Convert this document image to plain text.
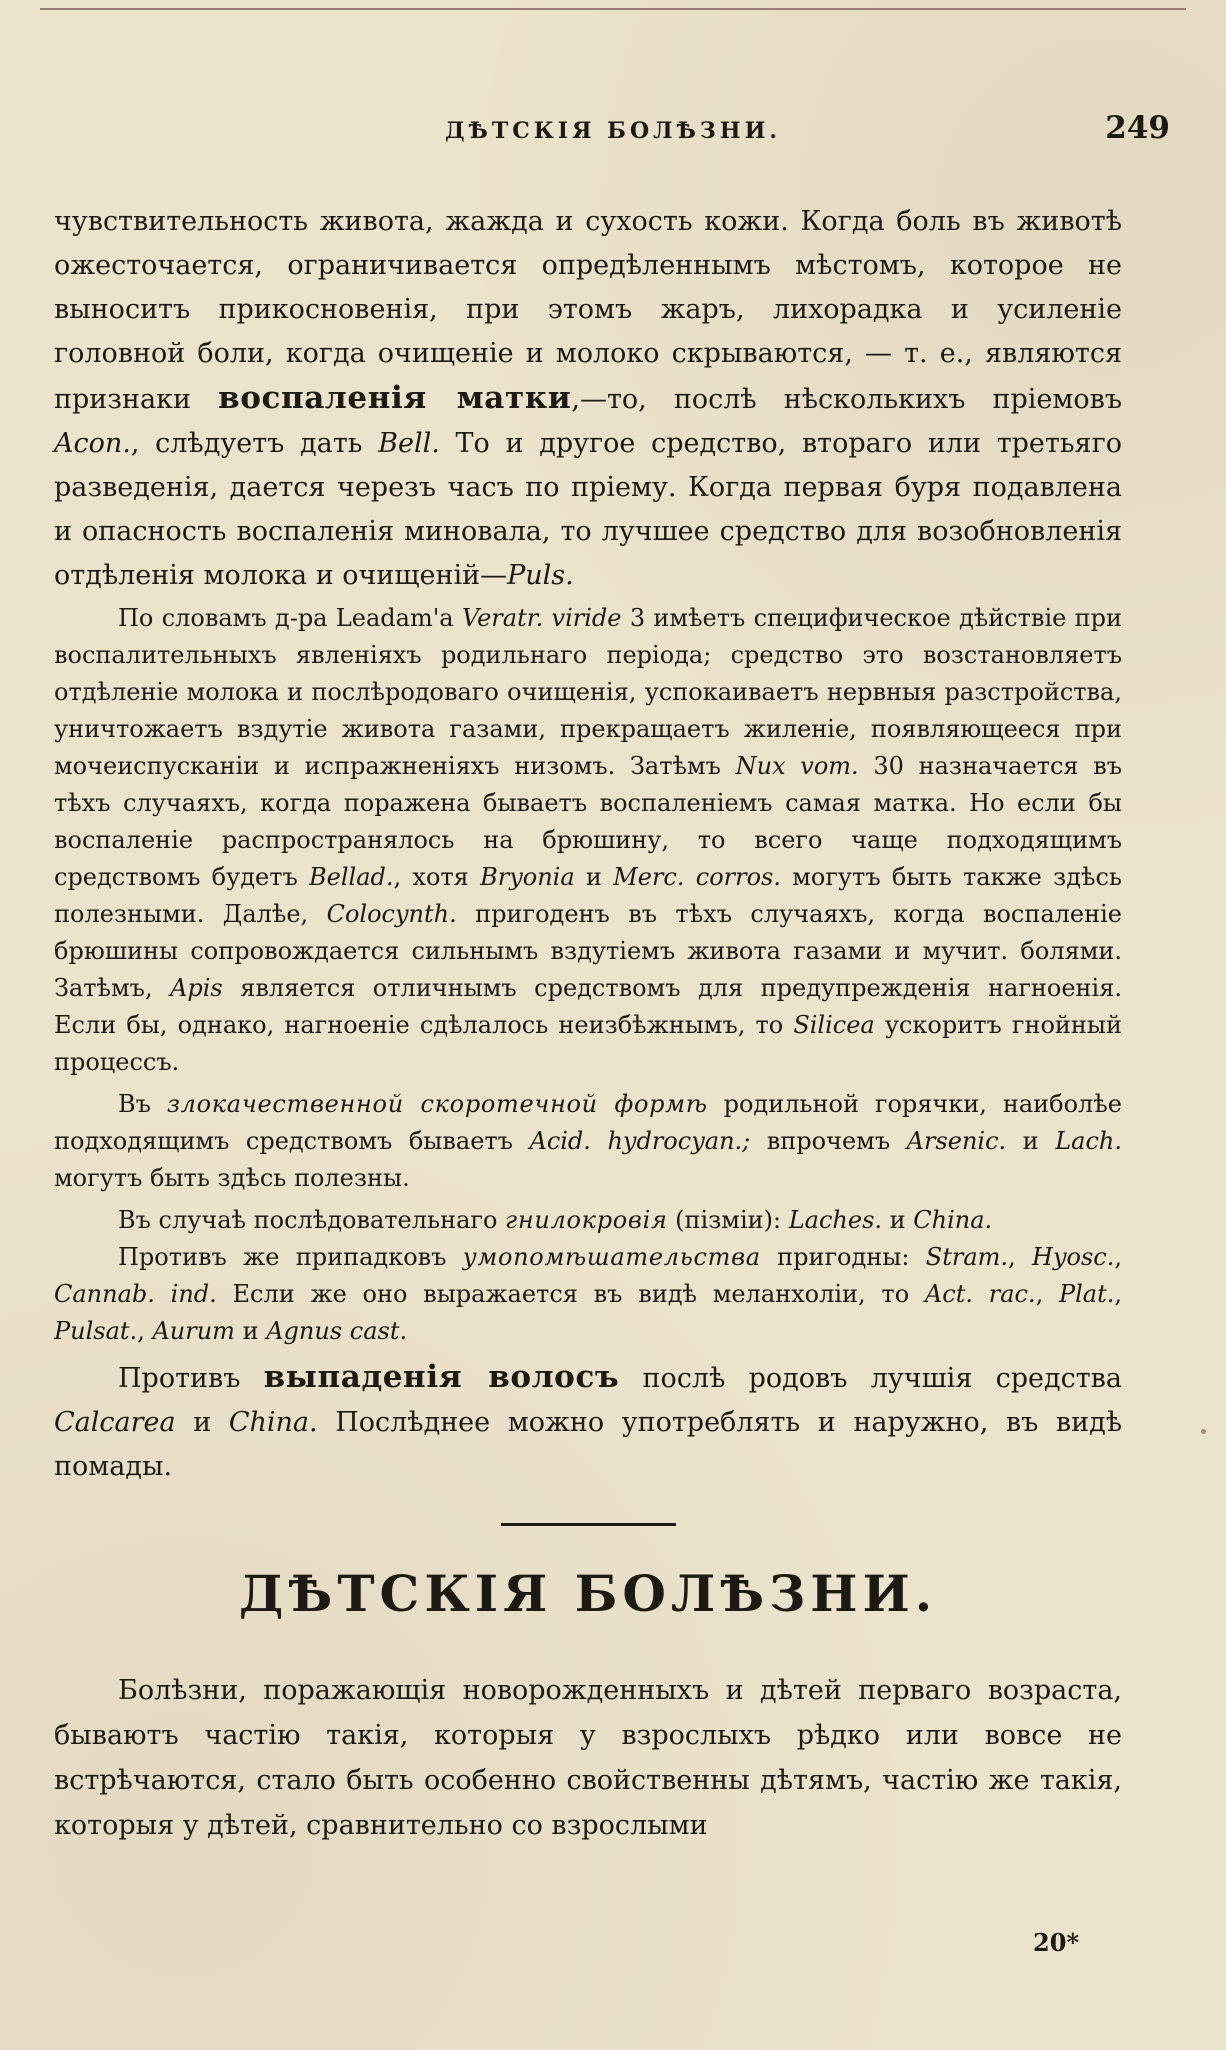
ДѢТСКІЯ БОЛѢЗНИ.	249

чувствительность живота, жажда и сухость кожи. Когда боль въ животѣ ожесточается, ограничивается опредѣленнымъ мѣстомъ, которое не выноситъ прикосновенія, при этомъ жаръ, лихорадка и усиленіе головной боли, когда очищеніе и молоко скрываются, — т. е., являются признаки воспаленія матки,—то, послѣ нѣсколькихъ пріемовъ Acon., слѣдуетъ дать Bell. То и другое средство, втораго или третьяго разведенія, дается черезъ часъ по пріему. Когда первая буря подавлена и опасность воспаленія миновала, то лучшее средство для возобновленія отдѣленія молока и очищеній—Puls.

По словамъ д-ра Leadam'a Veratr. viride 3 имѣетъ специфическое дѣйствіе при воспалительныхъ явленіяхъ родильнаго періода; средство это возстановляетъ отдѣленіе молока и послѣродоваго очищенія, успокаиваетъ нервныя разстройства, уничтожаетъ вздутіе живота газами, прекращаетъ жиленіе, появляющееся при мочеиспусканіи и испражненіяхъ низомъ. Затѣмъ Nux vom. 30 назначается въ тѣхъ случаяхъ, когда поражена бываетъ воспаленіемъ самая матка. Но если бы воспаленіе распространялось на брюшину, то всего чаще подходящимъ средствомъ будетъ Bellad., хотя Bryonia и Merc. corros. могутъ быть также здѣсь полезными. Далѣе, Colocynth. пригоденъ въ тѣхъ случаяхъ, когда воспаленіе брюшины сопровождается сильнымъ вздутіемъ живота газами и мучит. болями. Затѣмъ, Apis является отличнымъ средствомъ для предупрежденія нагноенія. Если бы, однако, нагноеніе сдѣлалось неизбѣжнымъ, то Silicea ускоритъ гнойный процессъ.

Въ злокачественной скоротечной формѣ родильной горячки, наиболѣе подходящимъ средствомъ бываетъ Acid. hydrocyan.; впрочемъ Arsenic. и Lach. могутъ быть здѣсь полезны.

Въ случаѣ послѣдовательнаго гнилокровія (пізміи): Laches. и China.

Противъ же припадковъ умопомѣшательства пригодны: Stram., Hyosc., Cannab. ind. Если же оно выражается въ видѣ меланхоліи, то Act. rac., Plat., Pulsat., Aurum и Agnus cast.

Противъ выпаденія волосъ послѣ родовъ лучшія средства Calcarea и China. Послѣднее можно употреблять и наружно, въ видѣ помады.

ДѢТСКІЯ БОЛѢЗНИ.

Болѣзни, поражающія новорожденныхъ и дѣтей перваго возраста, бываютъ частію такія, которыя у взрослыхъ рѣдко или вовсе не встрѣчаются, стало быть особенно свойственны дѣтямъ, частію же такія, которыя у дѣтей, сравнительно со взрослыми

20*
